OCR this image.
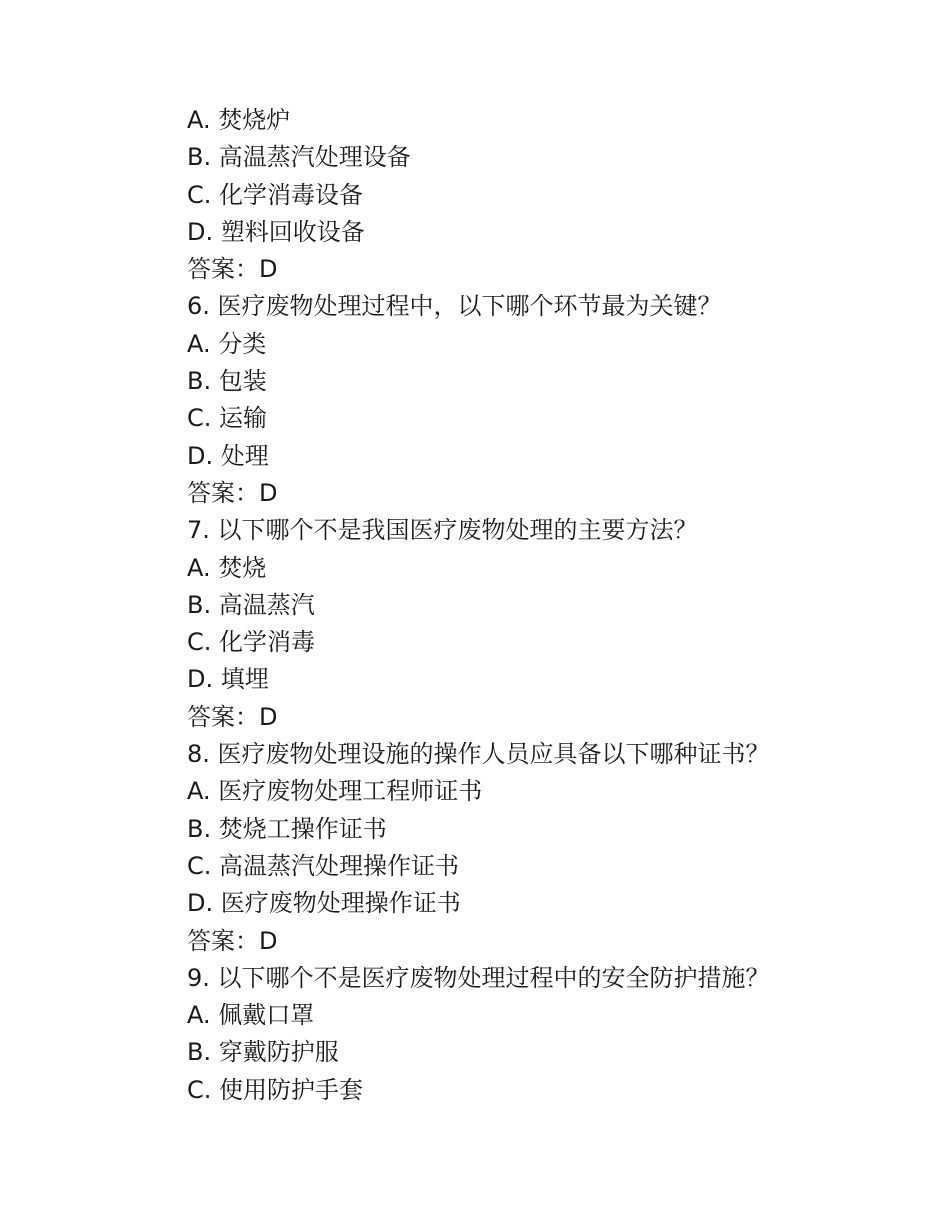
A. 焚烧炉
B. 高温蒸汽处理设备
C. 化学消毒设备
D. 塑料回收设备
答案：D
6. 医疗废物处理过程中，以下哪个环节最为关键？
A. 分类
B. 包装
C. 运输
D. 处理
答案：D
7. 以下哪个不是我国医疗废物处理的主要方法？
A. 焚烧
B. 高温蒸汽
C. 化学消毒
D. 填埋
答案：D
8. 医疗废物处理设施的操作人员应具备以下哪种证书？
A. 医疗废物处理工程师证书
B. 焚烧工操作证书
C. 高温蒸汽处理操作证书
D. 医疗废物处理操作证书
答案：D
9. 以下哪个不是医疗废物处理过程中的安全防护措施？
A. 佩戴口罩
B. 穿戴防护服
C. 使用防护手套
